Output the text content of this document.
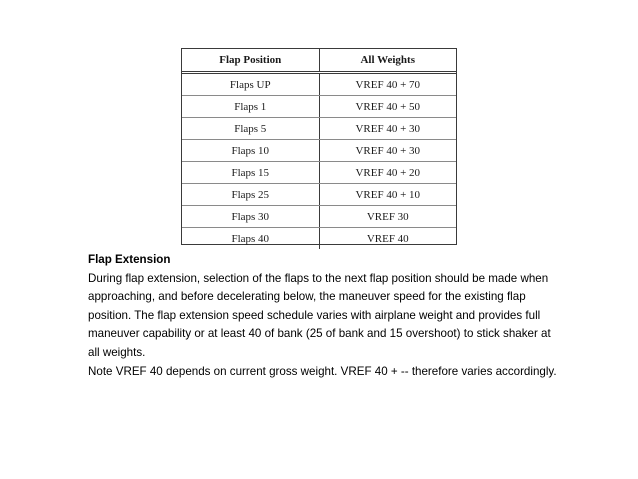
Flap Position	All Weights
Flaps UP	VREF 40 + 70
Flaps 1	VREF 40 + 50
Flaps 5	VREF 40 + 30
Flaps 10	VREF 40 + 30
Flaps 15	VREF 40 + 20
Flaps 25	VREF 40 + 10
Flaps 30	VREF 30
Flaps 40	VREF 40

Flap Extension

During flap extension, selection of the flaps to the next flap position should be made when approaching, and before decelerating below, the maneuver speed for the existing flap position. The flap extension speed schedule varies with airplane weight and provides full maneuver capability or at least 40 of bank (25 of bank and 15 overshoot) to stick shaker at all weights.

Note VREF 40 depends on current gross weight. VREF 40 + -- therefore varies accordingly.
